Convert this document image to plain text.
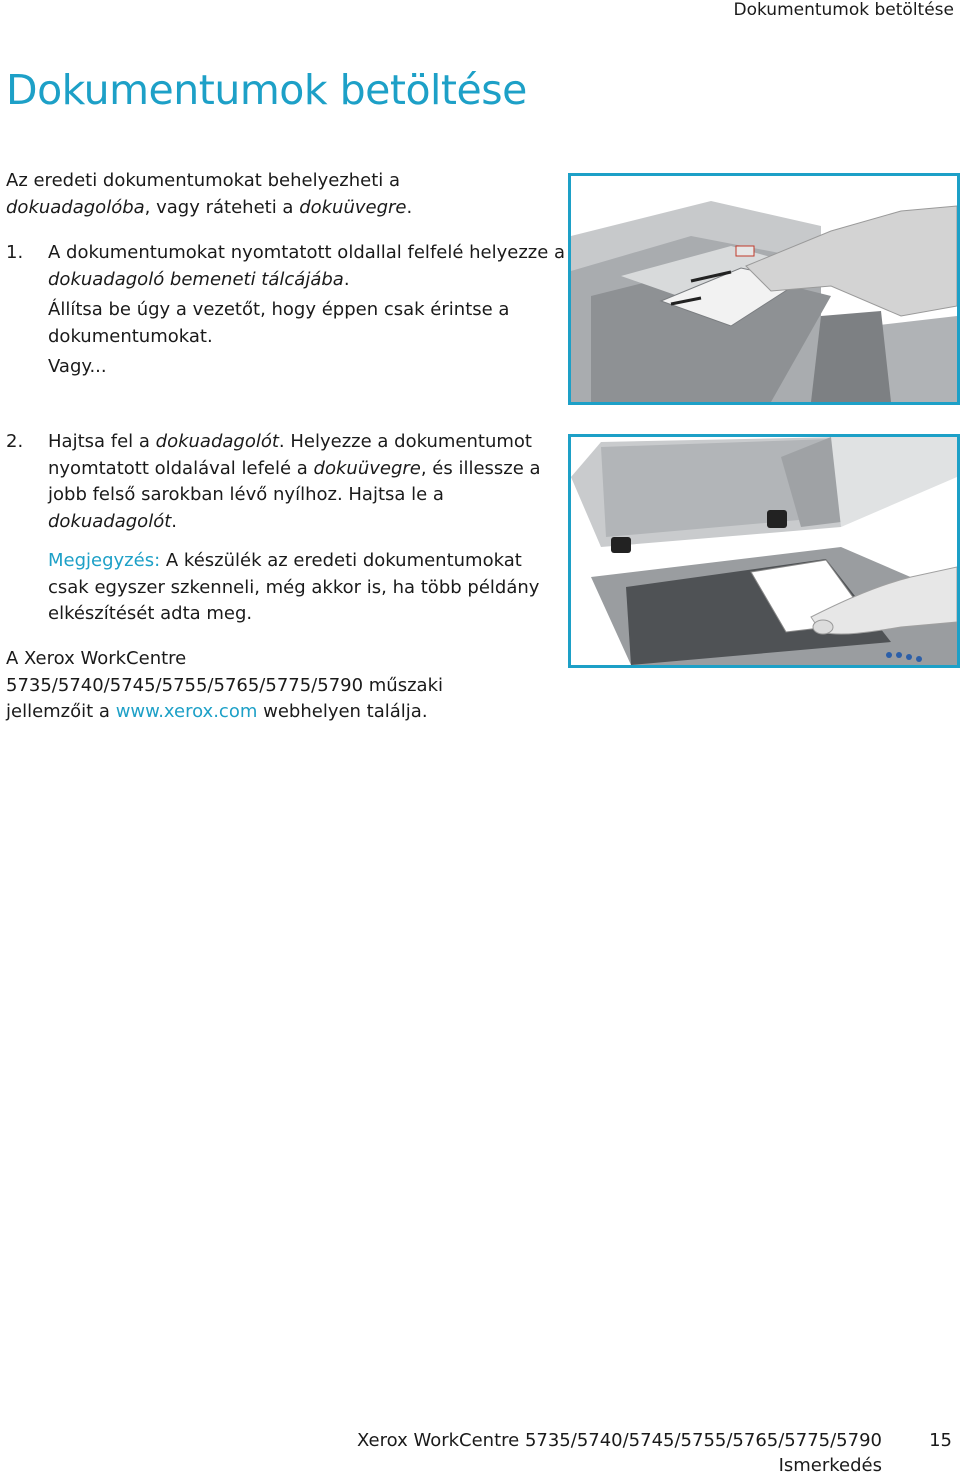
Dokumentumok betöltése
Dokumentumok betöltése

Az eredeti dokumentumokat behelyezheti a dokuadagolóba, vagy ráteheti a dokuüvegre.

1.	A dokumentumokat nyomtatott oldallal felfelé helyezze a dokuadagoló bemeneti tálcájába.

Állítsa be úgy a vezetőt, hogy éppen csak érintse a dokumentumokat.

Vagy...

2.	Hajtsa fel a dokuadagolót. Helyezze a dokumentumot nyomtatott oldalával lefelé a dokuüvegre, és illessze a jobb felső sarokban lévő nyílhoz. Hajtsa le a dokuadagolót.

Megjegyzés: A készülék az eredeti dokumentumokat csak egyszer szkenneli, még akkor is, ha több példány elkészítését adta meg.

A Xerox WorkCentre 5735/5740/5745/5755/5765/5775/5790 műszaki jellemzőit a www.xerox.com webhelyen találja.

Xerox WorkCentre 5735/5740/5745/5755/5765/5775/5790	15
Ismerkedés
